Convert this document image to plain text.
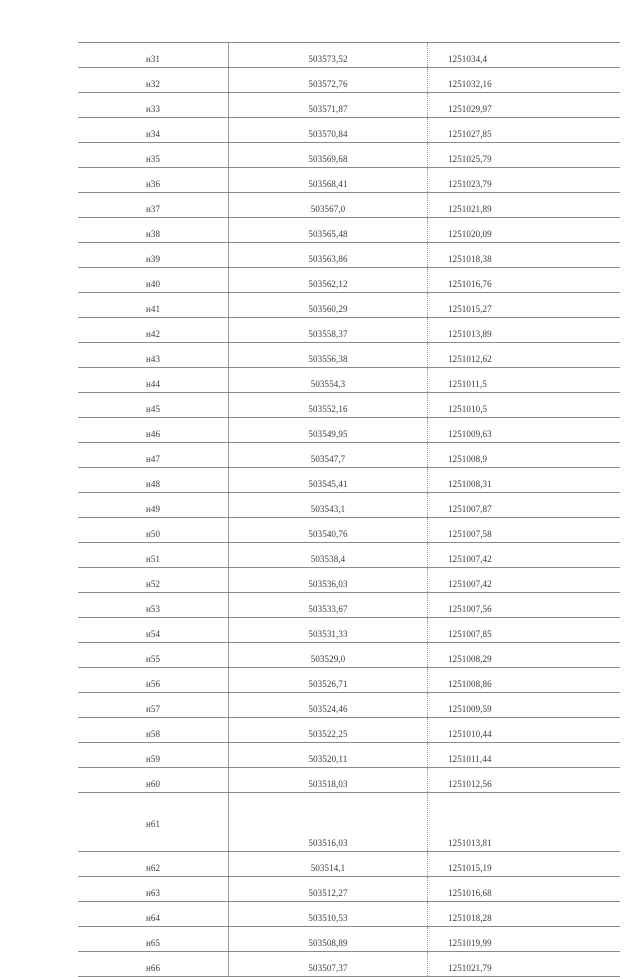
н31	503573,52	1251034,4
н32	503572,76	1251032,16
н33	503571,87	1251029,97
н34	503570,84	1251027,85
н35	503569,68	1251025,79
н36	503568,41	1251023,79
н37	503567,0	1251021,89
н38	503565,48	1251020,09
н39	503563,86	1251018,38
н40	503562,12	1251016,76
н41	503560,29	1251015,27
н42	503558,37	1251013,89
н43	503556,38	1251012,62
н44	503554,3	1251011,5
н45	503552,16	1251010,5
н46	503549,95	1251009,63
н47	503547,7	1251008,9
н48	503545,41	1251008,31
н49	503543,1	1251007,87
н50	503540,76	1251007,58
н51	503538,4	1251007,42
н52	503536,03	1251007,42
н53	503533,67	1251007,56
н54	503531,33	1251007,85
н55	503529,0	1251008,29
н56	503526,71	1251008,86
н57	503524,46	1251009,59
н58	503522,25	1251010,44
н59	503520,11	1251011,44
н60	503518,03	1251012,56
н61	503516,03	1251013,81
н62	503514,1	1251015,19
н63	503512,27	1251016,68
н64	503510,53	1251018,28
н65	503508,89	1251019,99
н66	503507,37	1251021,79
